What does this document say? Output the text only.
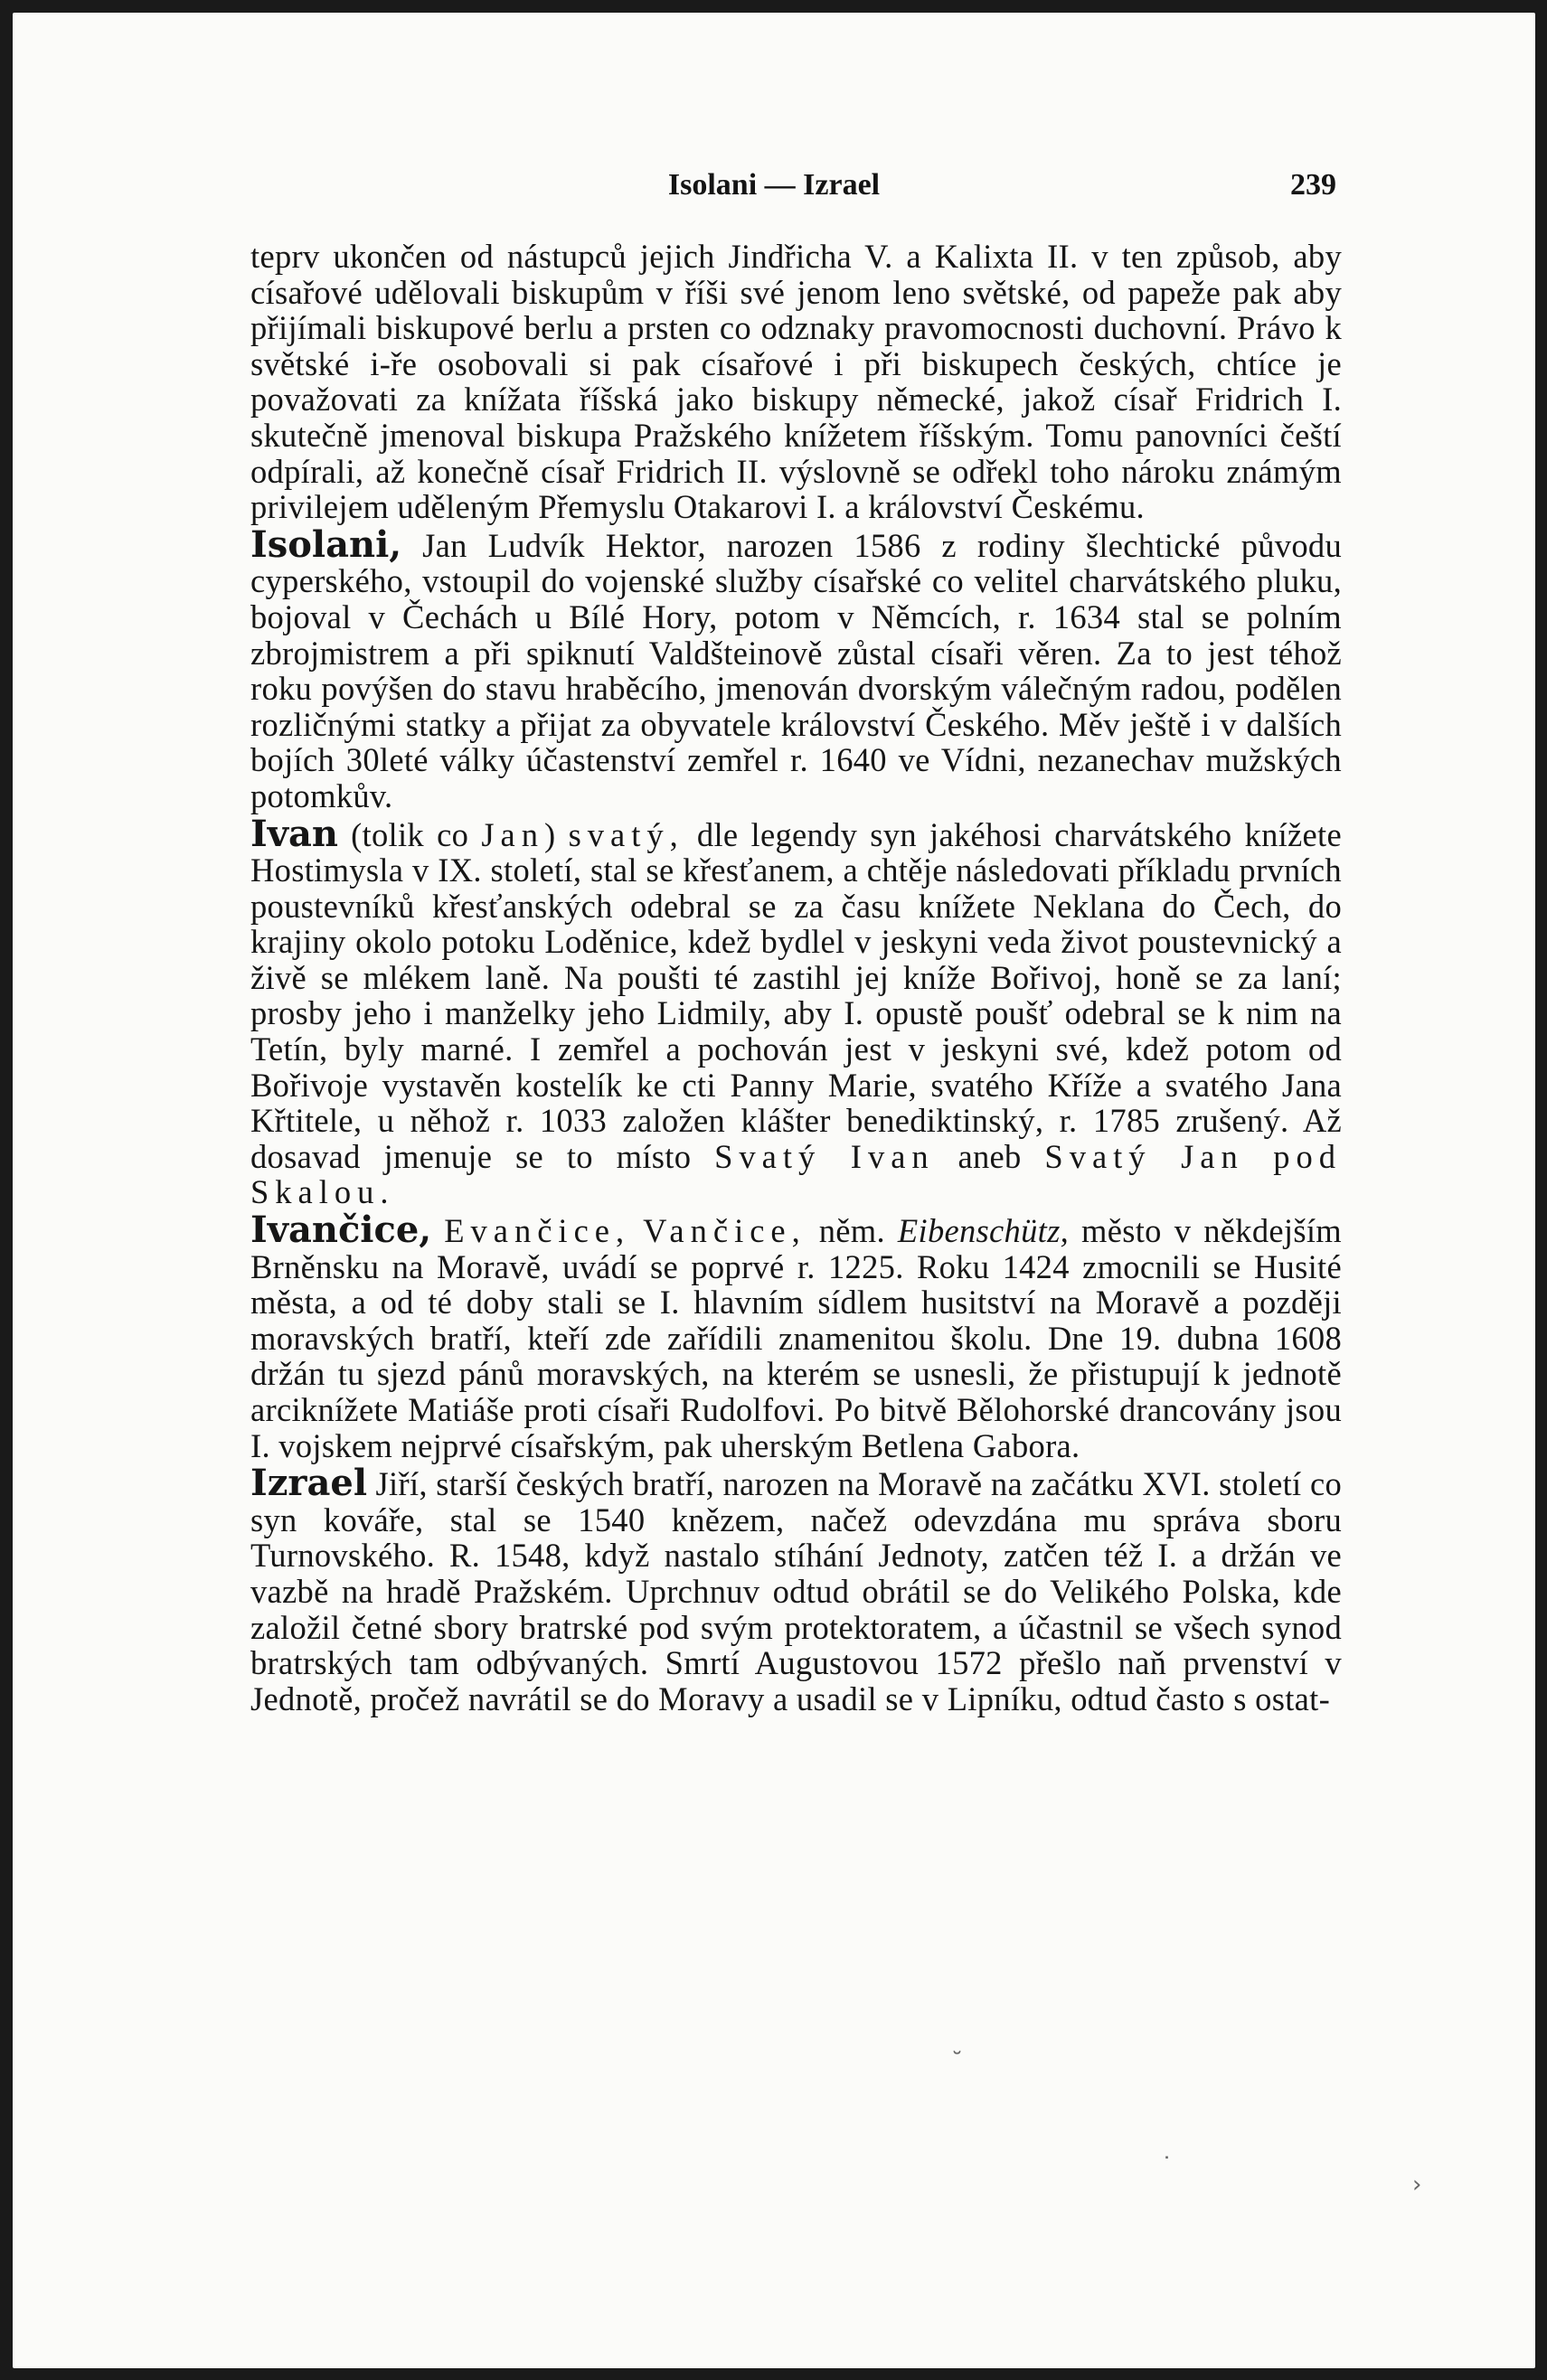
Isolani — Izrael	239

teprv ukončen od nástupců jejich Jindřicha V. a Kalixta II. v ten způsob, aby císařové udělovali biskupům v říši své jenom leno světské, od papeže pak aby přijímali biskupové berlu a prsten co odznaky pravomocnosti duchovní. Právo k světské i-ře osobovali si pak císařové i při biskupech českých, chtíce je považovati za knížata říšská jako biskupy německé, jakož císař Fridrich I. skutečně jmenoval biskupa Pražského knížetem říšským. Tomu panovníci čeští odpírali, až konečně císař Fridrich II. výslovně se odřekl toho nároku známým privilejem uděleným Přemyslu Otakarovi I. a království Českému.

Isolani, Jan Ludvík Hektor, narozen 1586 z rodiny šlechtické původu cyperského, vstoupil do vojenské služby císařské co velitel charvátského pluku, bojoval v Čechách u Bílé Hory, potom v Němcích, r. 1634 stal se polním zbrojmistrem a při spiknutí Valdšteinově zůstal císaři věren. Za to jest téhož roku povýšen do stavu hraběcího, jmenován dvorským válečným radou, podělen rozličnými statky a přijat za obyvatele království Českého. Měv ještě i v dalších bojích 30leté války účastenství zemřel r. 1640 ve Vídni, nezanechav mužských potomkův.

Ivan (tolik co Jan) svatý, dle legendy syn jakéhosi charvátského knížete Hostimysla v IX. století, stal se křesťanem, a chtěje následovati příkladu prvních poustevníků křesťanských odebral se za času knížete Neklana do Čech, do krajiny okolo potoku Loděnice, kdež bydlel v jeskyni veda život poustevnický a živě se mlékem laně. Na poušti té zastihl jej kníže Bořivoj, honě se za laní; prosby jeho i manželky jeho Lidmily, aby I. opustě poušť odebral se k nim na Tetín, byly marné. I zemřel a pochován jest v jeskyni své, kdež potom od Bořivoje vystavěn kostelík ke cti Panny Marie, svatého Kříže a svatého Jana Křtitele, u něhož r. 1033 založen klášter benediktinský, r. 1785 zrušený. Až dosavad jmenuje se to místo Svatý Ivan aneb Svatý Jan pod Skalou.

Ivančice, Evančice, Vančice, něm. Eibenschütz, město v někdejším Brněnsku na Moravě, uvádí se poprvé r. 1225. Roku 1424 zmocnili se Husité města, a od té doby stali se I. hlavním sídlem husitství na Moravě a později moravských bratří, kteří zde zařídili znamenitou školu. Dne 19. dubna 1608 držán tu sjezd pánů moravských, na kterém se usnesli, že přistupují k jednotě arciknížete Matiáše proti císaři Rudolfovi. Po bitvě Bělohorské drancovány jsou I. vojskem nejprvé císařským, pak uherským Betlena Gabora.

Izrael Jiří, starší českých bratří, narozen na Moravě na začátku XVI. století co syn kováře, stal se 1540 knězem, načež odevzdána mu správa sboru Turnovského. R. 1548, když nastalo stíhání Jednoty, zatčen též I. a držán ve vazbě na hradě Pražském. Uprchnuv odtud obrátil se do Velikého Polska, kde založil četné sbory bratrské pod svým protektoratem, a účastnil se všech synod bratrských tam odbývaných. Smrtí Augustovou 1572 přešlo naň prvenství v Jednotě, pročež navrátil se do Moravy a usadil se v Lipníku, odtud často s ostat-

˘
˙
›
